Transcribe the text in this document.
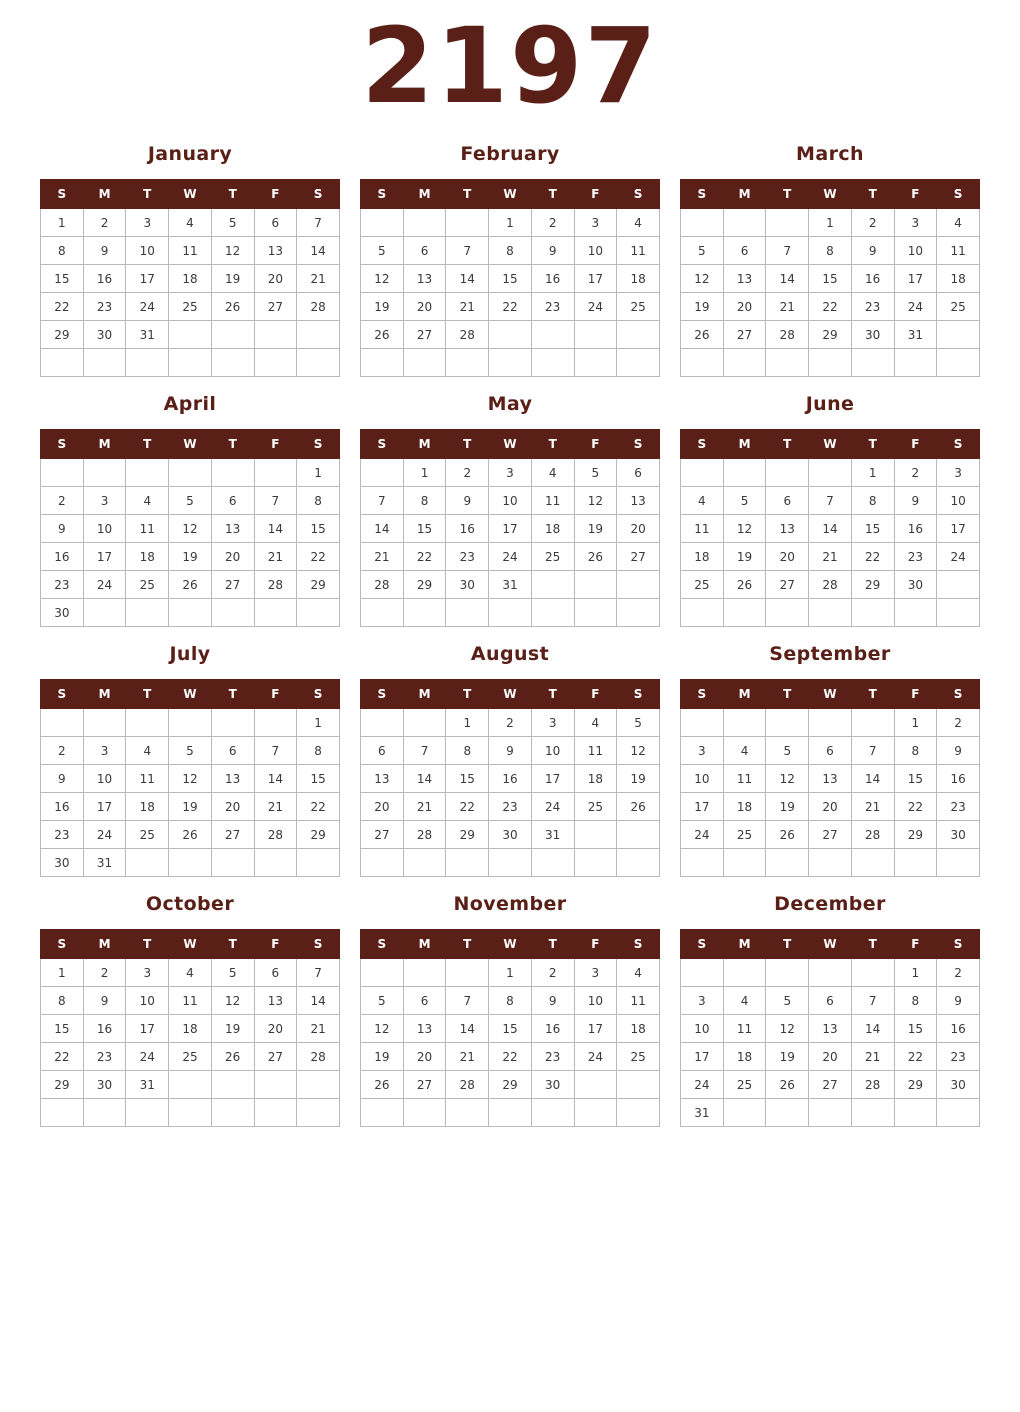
2197
January
S	M	T	W	T	F	S
1	2	3	4	5	6	7
8	9	10	11	12	13	14
15	16	17	18	19	20	21
22	23	24	25	26	27	28
29	30	31				

February
S	M	T	W	T	F	S
			1	2	3	4
5	6	7	8	9	10	11
12	13	14	15	16	17	18
19	20	21	22	23	24	25
26	27	28				

March
S	M	T	W	T	F	S
			1	2	3	4
5	6	7	8	9	10	11
12	13	14	15	16	17	18
19	20	21	22	23	24	25
26	27	28	29	30	31	

April
S	M	T	W	T	F	S
						1
2	3	4	5	6	7	8
9	10	11	12	13	14	15
16	17	18	19	20	21	22
23	24	25	26	27	28	29
30						
May
S	M	T	W	T	F	S
	1	2	3	4	5	6
7	8	9	10	11	12	13
14	15	16	17	18	19	20
21	22	23	24	25	26	27
28	29	30	31			

June
S	M	T	W	T	F	S
				1	2	3
4	5	6	7	8	9	10
11	12	13	14	15	16	17
18	19	20	21	22	23	24
25	26	27	28	29	30	

July
S	M	T	W	T	F	S
						1
2	3	4	5	6	7	8
9	10	11	12	13	14	15
16	17	18	19	20	21	22
23	24	25	26	27	28	29
30	31					
August
S	M	T	W	T	F	S
		1	2	3	4	5
6	7	8	9	10	11	12
13	14	15	16	17	18	19
20	21	22	23	24	25	26
27	28	29	30	31		

September
S	M	T	W	T	F	S
					1	2
3	4	5	6	7	8	9
10	11	12	13	14	15	16
17	18	19	20	21	22	23
24	25	26	27	28	29	30

October
S	M	T	W	T	F	S
1	2	3	4	5	6	7
8	9	10	11	12	13	14
15	16	17	18	19	20	21
22	23	24	25	26	27	28
29	30	31				

November
S	M	T	W	T	F	S
			1	2	3	4
5	6	7	8	9	10	11
12	13	14	15	16	17	18
19	20	21	22	23	24	25
26	27	28	29	30		

December
S	M	T	W	T	F	S
					1	2
3	4	5	6	7	8	9
10	11	12	13	14	15	16
17	18	19	20	21	22	23
24	25	26	27	28	29	30
31						
